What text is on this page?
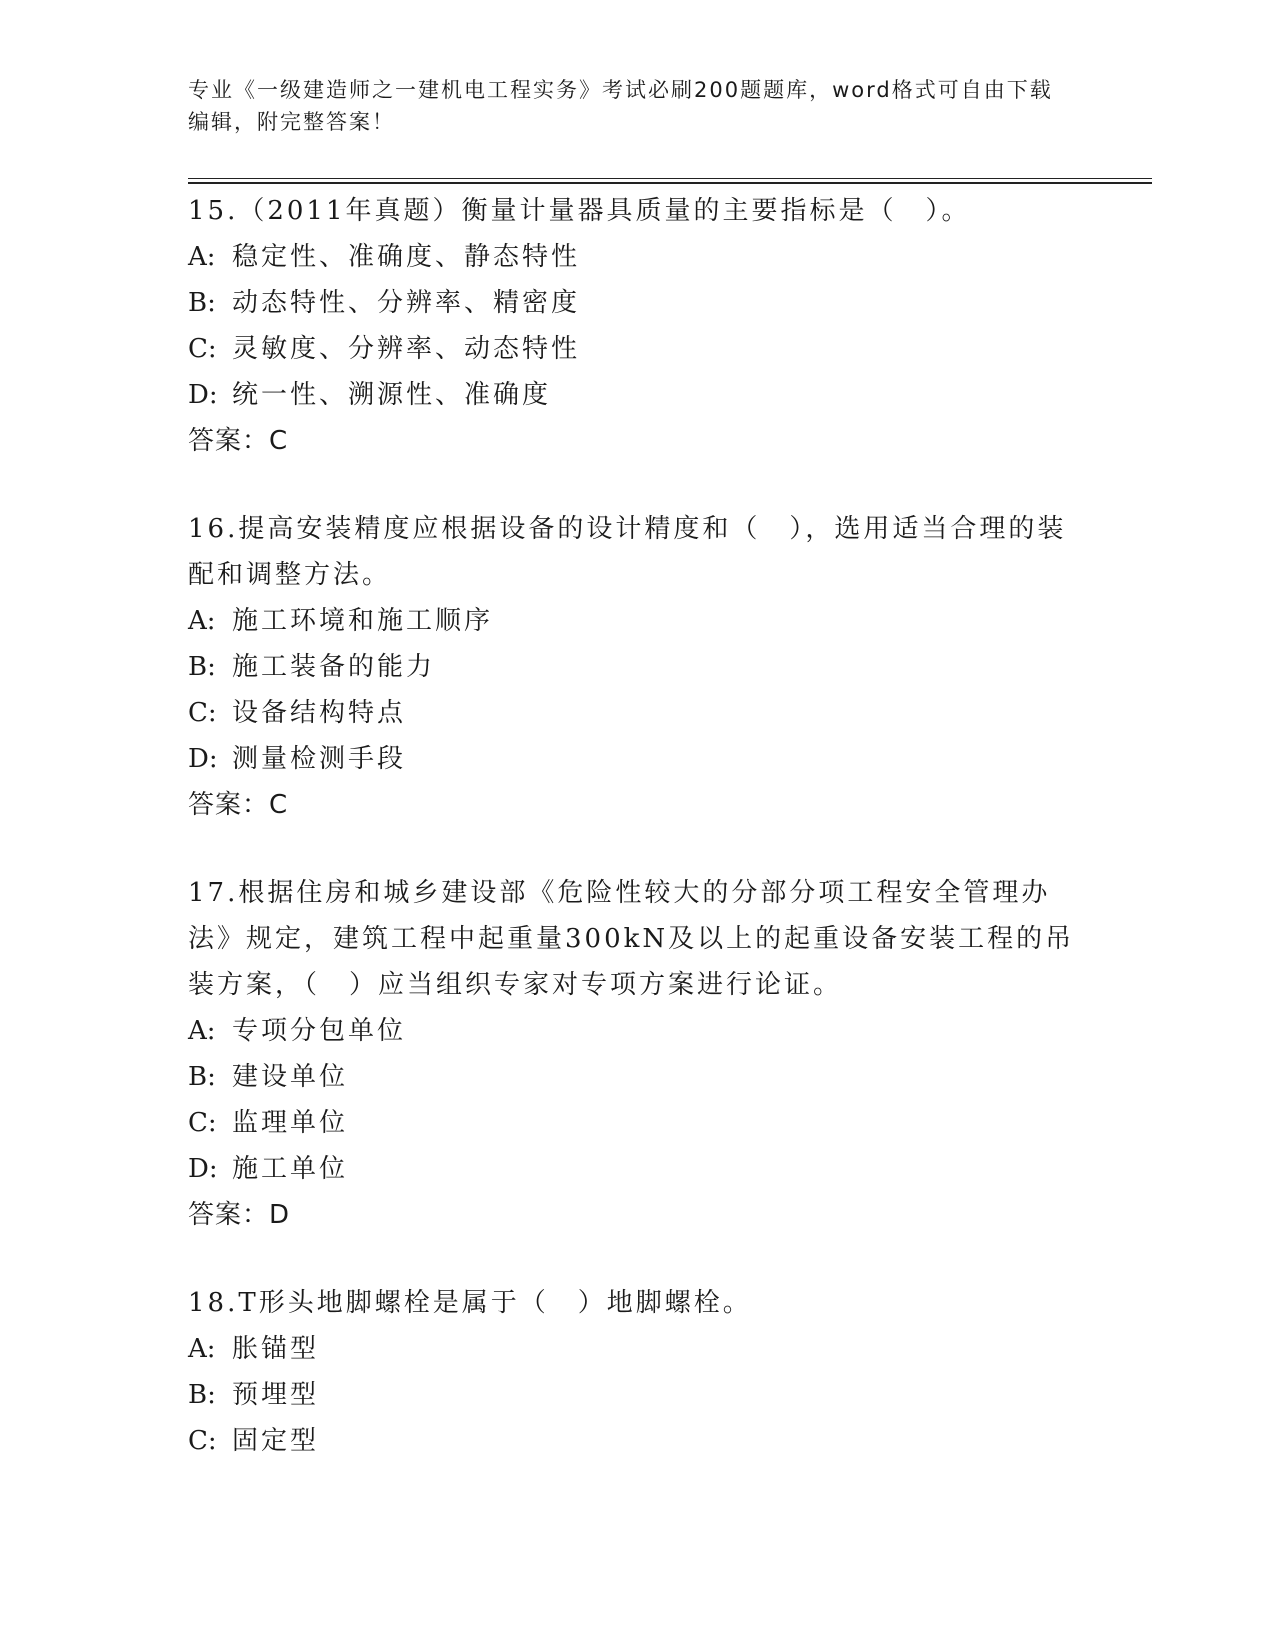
专业《一级建造师之一建机电工程实务》考试必刷200题题库，word格式可自由下载编辑，附完整答案！
15.（2011年真题）衡量计量器具质量的主要指标是（　）。
A: 稳定性、准确度、静态特性
B: 动态特性、分辨率、精密度
C: 灵敏度、分辨率、动态特性
D: 统一性、溯源性、准确度
答案：C
16.提高安装精度应根据设备的设计精度和（　），选用适当合理的装配和调整方法。
A: 施工环境和施工顺序
B: 施工装备的能力
C: 设备结构特点
D: 测量检测手段
答案：C
17.根据住房和城乡建设部《危险性较大的分部分项工程安全管理办法》规定，建筑工程中起重量300kN及以上的起重设备安装工程的吊装方案，（　）应当组织专家对专项方案进行论证。
A: 专项分包单位
B: 建设单位
C: 监理单位
D: 施工单位
答案：D
18.T形头地脚螺栓是属于（　）地脚螺栓。
A: 胀锚型
B: 预埋型
C: 固定型
